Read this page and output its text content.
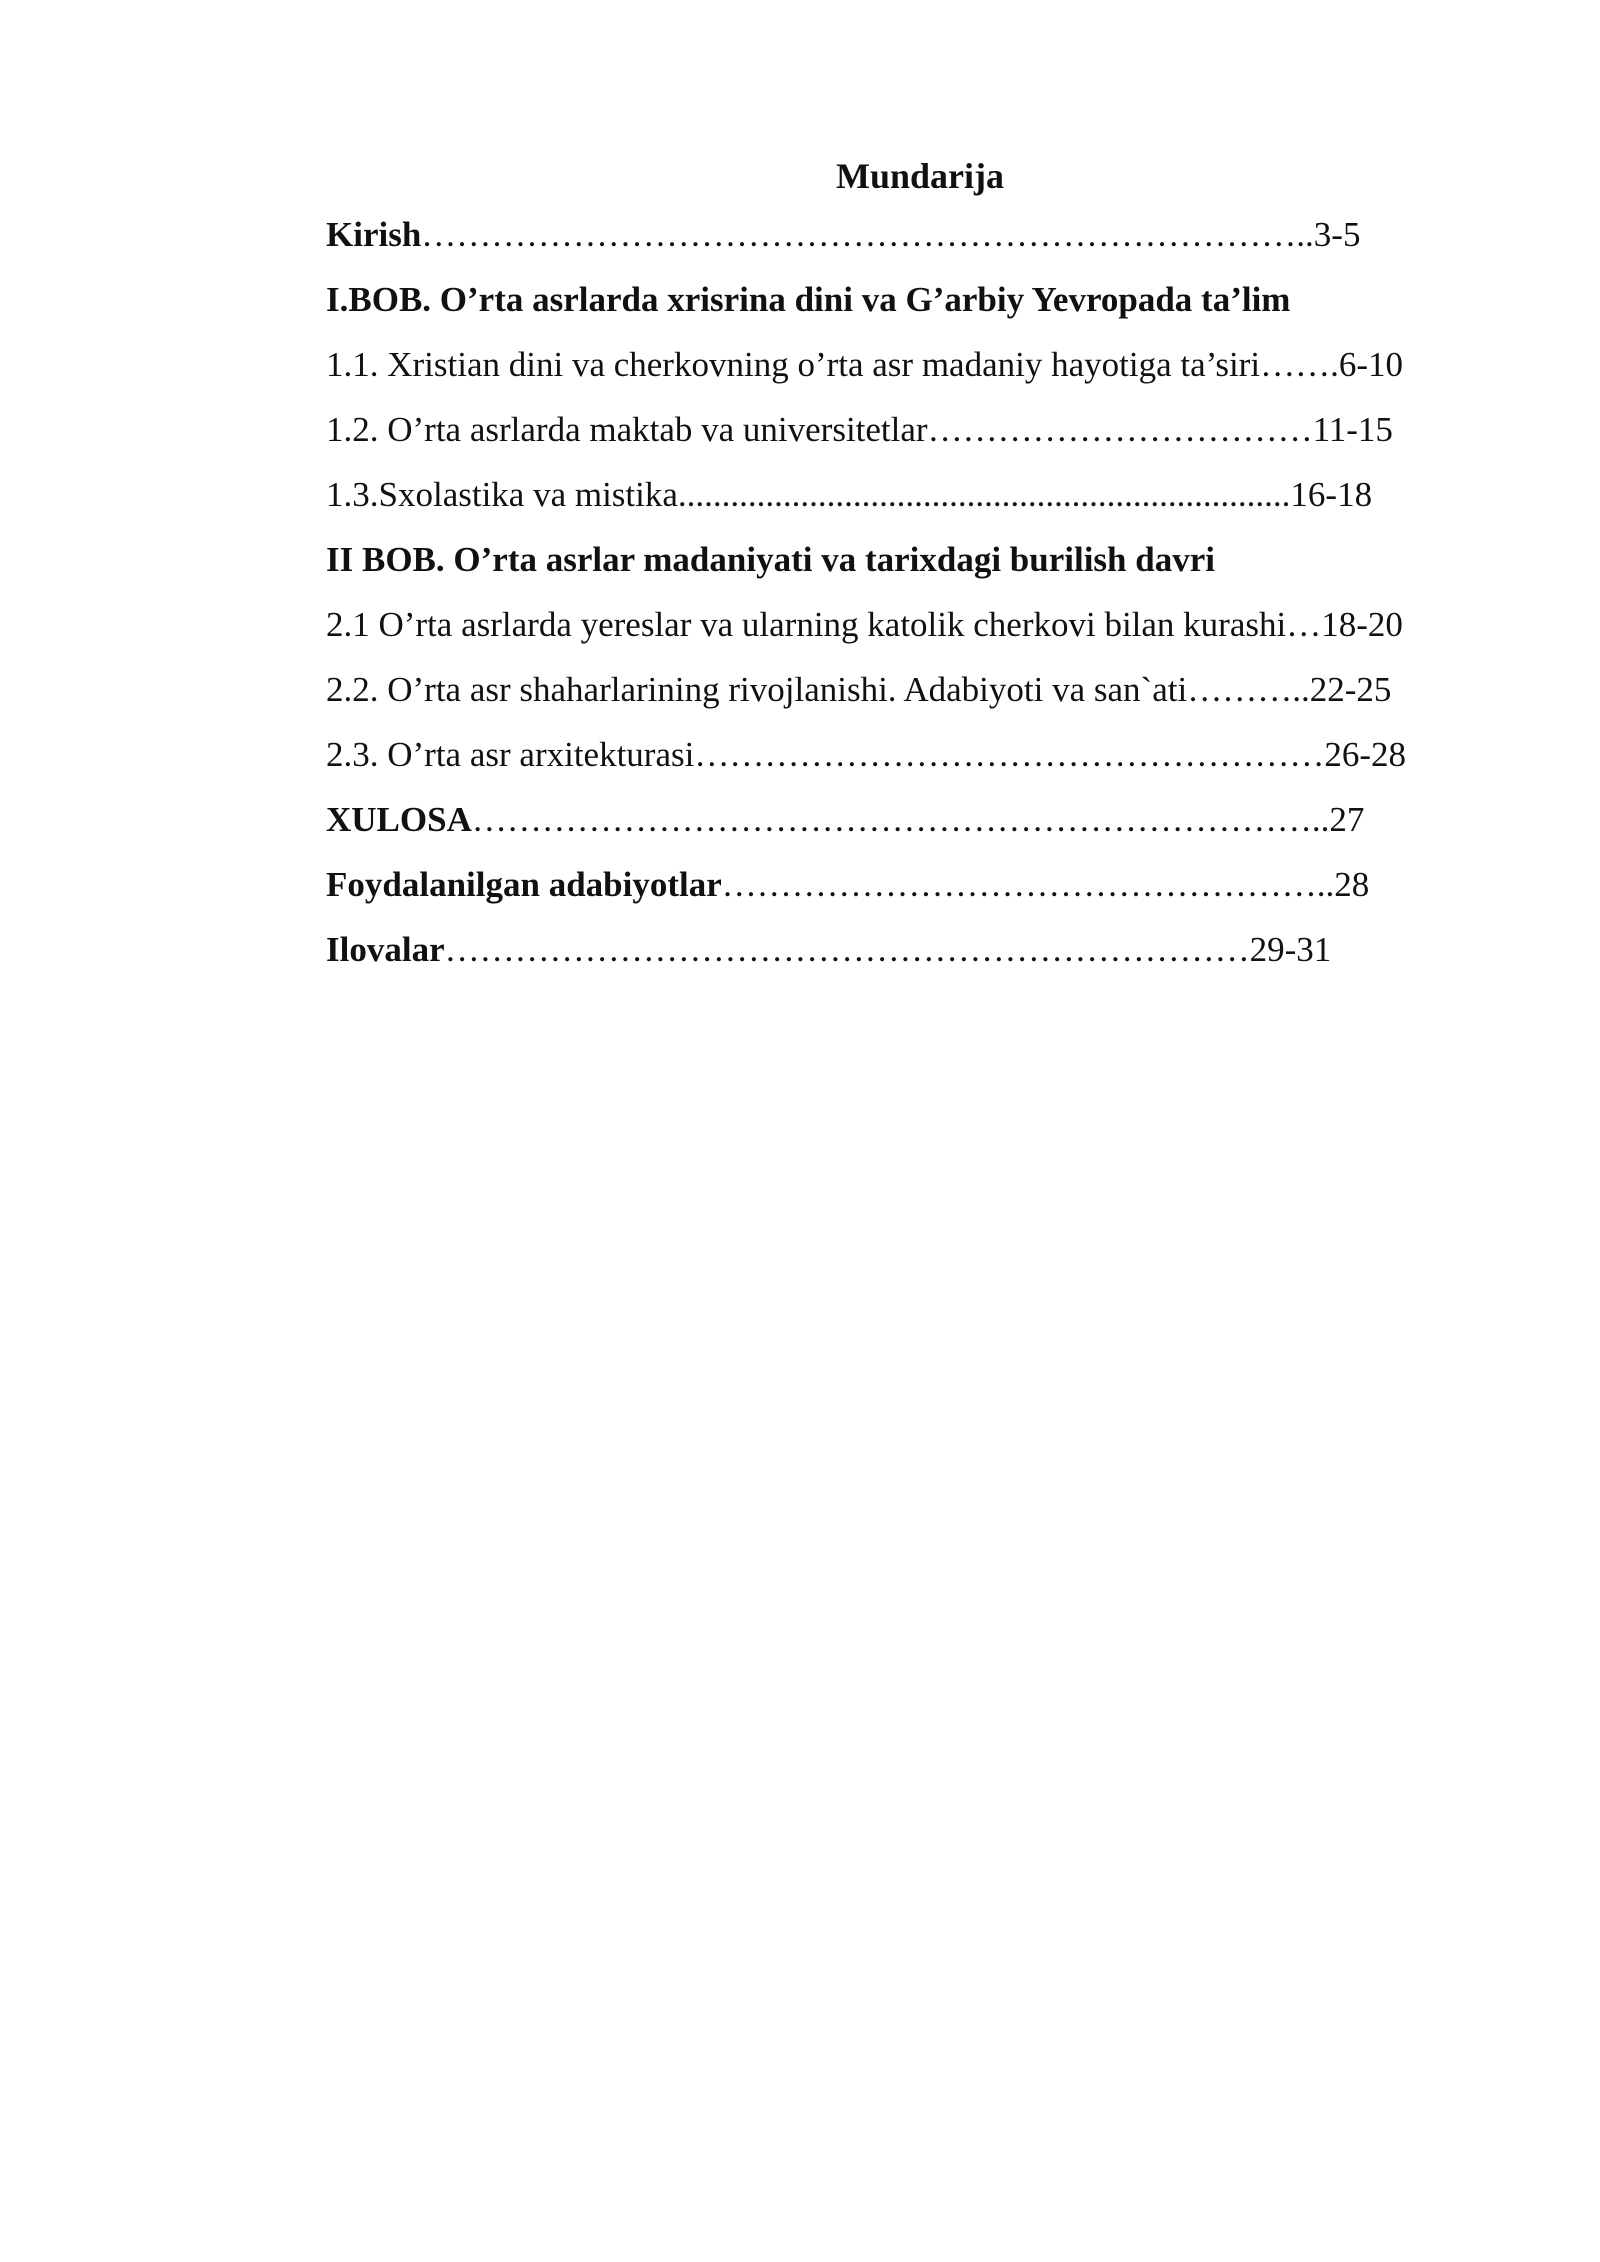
Mundarija
Kirish…………………………………………………………………..3-5
I.BOB. O’rta asrlarda xrisrina dini va G’arbiy Yevropada ta’lim
1.1. Xristian dini va cherkovning o’rta asr madaniy hayotiga ta’siri…….6-10
1.2. O’rta asrlarda maktab va universitetlar……………………………11-15
1.3.Sxolastika va mistika......................................................................16-18
II BOB. O’rta asrlar madaniyati va tarixdagi burilish davri
2.1 O’rta asrlarda yereslar va ularning katolik cherkovi bilan kurashi…18-20
2.2. O’rta asr shaharlarining rivojlanishi. Adabiyoti va san`ati………..22-25
2.3. O’rta asr arxitekturasi………………………………………………26-28
XULOSA………………………………………………………………..27
Foydalanilgan adabiyotlar……………………………………………..28
Ilovalar……………………………………………………………29-31
